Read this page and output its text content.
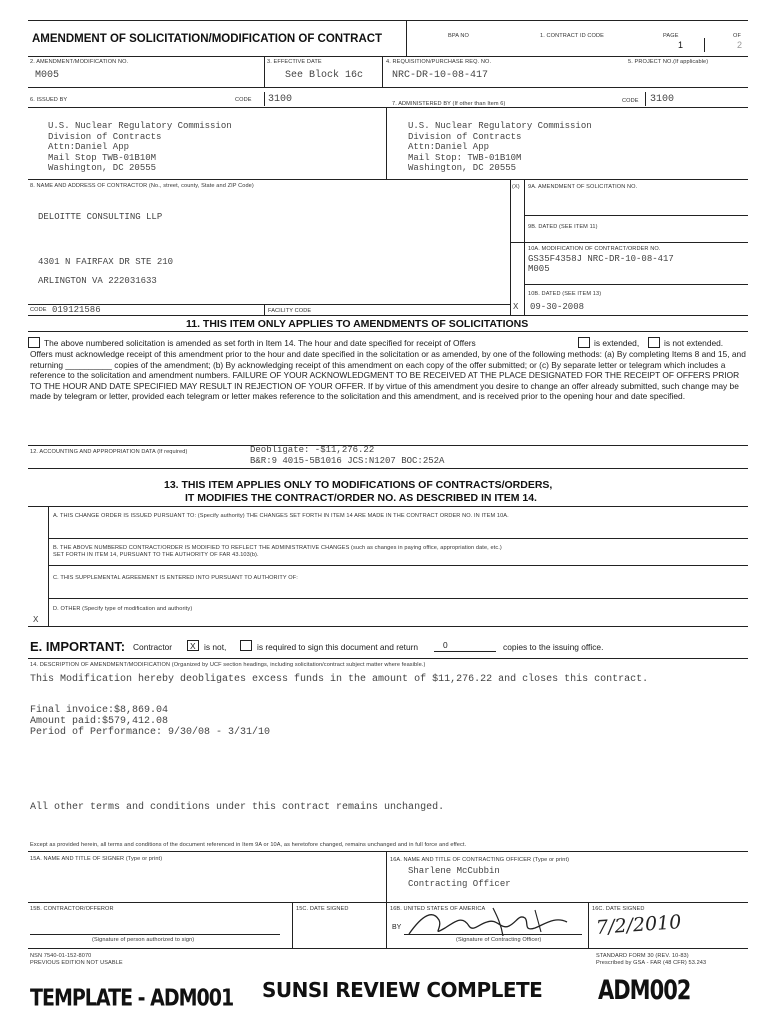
AMENDMENT OF SOLICITATION/MODIFICATION OF CONTRACT	BPA NO	1. CONTRACT ID CODE	PAGE	OF
1	2
2. AMENDMENT/MODIFICATION NO.
M005
3. EFFECTIVE DATE
See Block 16c
4. REQUISITION/PURCHASE REQ. NO.
NRC-DR-10-08-417
5. PROJECT NO.(If applicable)
6. ISSUED BY	CODE 3100	7. ADMINISTERED BY (If other than Item 6)	CODE 3100
U.S. Nuclear Regulatory Commission
Division of Contracts
Attn:Daniel App
Mail Stop TWB-01B10M
Washington, DC 20555
U.S. Nuclear Regulatory Commission
Division of Contracts
Attn:Daniel App
Mail Stop: TWB-01B10M
Washington, DC 20555
8. NAME AND ADDRESS OF CONTRACTOR (No., street, county, State and ZIP Code)
DELOITTE CONSULTING LLP
4301 N FAIRFAX DR STE 210
ARLINGTON VA 222031633
(X) 9A. AMENDMENT OF SOLICITATION NO.
9B. DATED (SEE ITEM 11)
10A. MODIFICATION OF CONTRACT/ORDER NO.
GS35F4358J NRC-DR-10-08-417
M005
10B. DATED (SEE ITEM 13)
X 09-30-2008
CODE 019121586	FACILITY CODE
11. THIS ITEM ONLY APPLIES TO AMENDMENTS OF SOLICITATIONS
The above numbered solicitation is amended as set forth in Item 14. The hour and date specified for receipt of Offers	is extended,	is not extended.
Offers must acknowledge receipt of this amendment prior to the hour and date specified in the solicitation or as amended, by one of the following methods: (a) By completing Items 8 and 15, and returning __________ copies of the amendment; (b) By acknowledging receipt of this amendment on each copy of the offer submitted; or (c) By separate letter or telegram which includes a reference to the solicitation and amendment numbers. FAILURE OF YOUR ACKNOWLEDGMENT TO BE RECEIVED AT THE PLACE DESIGNATED FOR THE RECEIPT OF OFFERS PRIOR TO THE HOUR AND DATE SPECIFIED MAY RESULT IN REJECTION OF YOUR OFFER. If by virtue of this amendment you desire to change an offer already submitted, such change may be made by telegram or letter, provided each telegram or letter makes reference to the solicitation and this amendment, and is received prior to the opening hour and date specified.
12. ACCOUNTING AND APPROPRIATION DATA (If required)	Deobligate: -$11,276.22
B&R:9 4015-5B1016 JCS:N1207 BOC:252A
13. THIS ITEM APPLIES ONLY TO MODIFICATIONS OF CONTRACTS/ORDERS,
IT MODIFIES THE CONTRACT/ORDER NO. AS DESCRIBED IN ITEM 14.
A. THIS CHANGE ORDER IS ISSUED PURSUANT TO: (Specify authority) THE CHANGES SET FORTH IN ITEM 14 ARE MADE IN THE CONTRACT ORDER NO. IN ITEM 10A.
B. THE ABOVE NUMBERED CONTRACT/ORDER IS MODIFIED TO REFLECT THE ADMINISTRATIVE CHANGES (such as changes in paying office, appropriation date, etc.)
SET FORTH IN ITEM 14, PURSUANT TO THE AUTHORITY OF FAR 43.103(b).
C. THIS SUPPLEMENTAL AGREEMENT IS ENTERED INTO PURSUANT TO AUTHORITY OF:
D. OTHER (Specify type of modification and authority)
X
E. IMPORTANT: Contractor X is not,	is required to sign this document and return	0	copies to the issuing office.
14. DESCRIPTION OF AMENDMENT/MODIFICATION (Organized by UCF section headings, including solicitation/contract subject matter where feasible.)
This Modification hereby deobligates excess funds in the amount of $11,276.22 and closes this contract.
Final invoice:$8,869.04
Amount paid:$579,412.08
Period of Performance: 9/30/08 - 3/31/10
All other terms and conditions under this contract remains unchanged.
Except as provided herein, all terms and conditions of the document referenced in Item 9A or 10A, as heretofore changed, remains unchanged and in full force and effect.
15A. NAME AND TITLE OF SIGNER (Type or print)	16A. NAME AND TITLE OF CONTRACTING OFFICER (Type or print)
Sharlene McCubbin
Contracting Officer
15B. CONTRACTOR/OFFEROR	15C. DATE SIGNED	16B. UNITED STATES OF AMERICA	16C. DATE SIGNED
(Signature of person authorized to sign)
BY
(Signature of Contracting Officer)
7/2/2010
NSN 7540-01-152-8070
PREVIOUS EDITION NOT USABLE
STANDARD FORM 30 (REV. 10-83)
Prescribed by GSA - FAR (48 CFR) 53.243
TEMPLATE - ADM001 SUNSI REVIEW COMPLETE	ADM002
